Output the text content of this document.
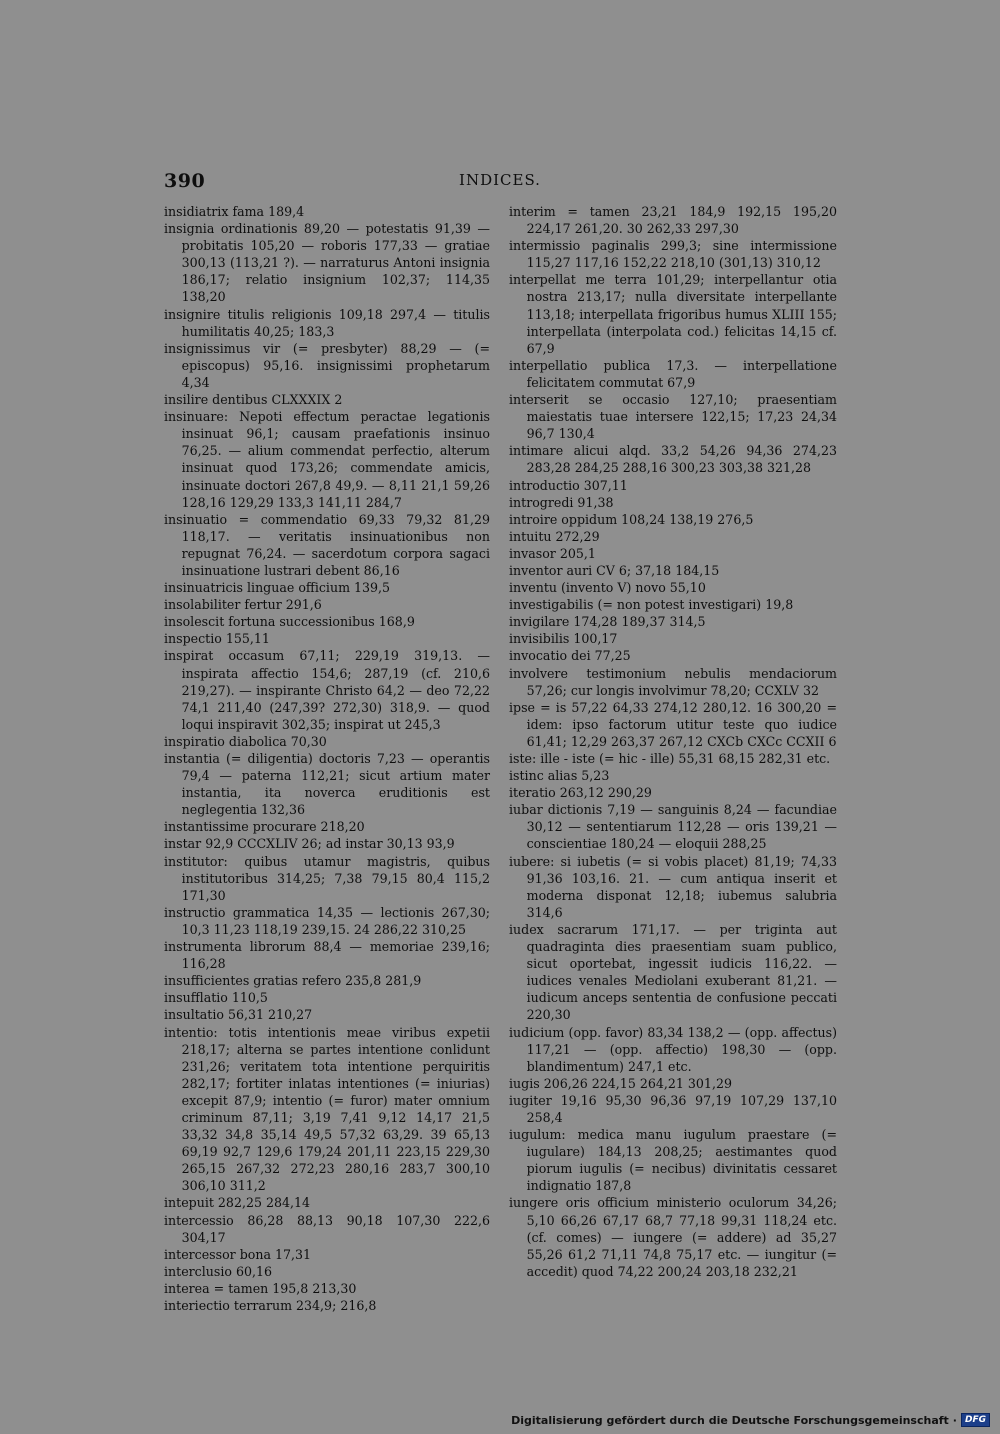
390	INDICES.

insidiatrix fama 189,4

insignia ordinationis 89,20 — potestatis 91,39 — probitatis 105,20 — roboris 177,33 — gratiae 300,13 (113,21 ?). — narraturus Antoni insignia 186,17; relatio insignium 102,37; 114,35 138,20

insignire titulis religionis 109,18 297,4 — titulis humilitatis 40,25; 183,3

insignissimus vir (= presbyter) 88,29 — (= episcopus) 95,16. insignissimi prophetarum 4,34

insilire dentibus CLXXXIX 2

insinuare: Nepoti effectum peractae legationis insinuat 96,1; causam praefationis insinuo 76,25. — alium commendat perfectio, alterum insinuat quod 173,26; commendate amicis, insinuate doctori 267,8 49,9. — 8,11 21,1 59,26 128,16 129,29 133,3 141,11 284,7

insinuatio = commendatio 69,33 79,32 81,29 118,17. — veritatis insinuationibus non repugnat 76,24. — sacerdotum corpora sagaci insinuatione lustrari debent 86,16

insinuatricis linguae officium 139,5

insolabiliter fertur 291,6

insolescit fortuna successionibus 168,9

inspectio 155,11

inspirat occasum 67,11; 229,19 319,13. — inspirata affectio 154,6; 287,19 (cf. 210,6 219,27). — inspirante Christo 64,2 — deo 72,22 74,1 211,40 (247,39? 272,30) 318,9. — quod loqui inspiravit 302,35; inspirat ut 245,3

inspiratio diabolica 70,30

instantia (= diligentia) doctoris 7,23 — operantis 79,4 — paterna 112,21; sicut artium mater instantia, ita noverca eruditionis est neglegentia 132,36

instantissime procurare 218,20

instar 92,9 CCCXLIV 26; ad instar 30,13 93,9

institutor: quibus utamur magistris, quibus institutoribus 314,25; 7,38 79,15 80,4 115,2 171,30

instructio grammatica 14,35 — lectionis 267,30; 10,3 11,23 118,19 239,15. 24 286,22 310,25

instrumenta librorum 88,4 — memoriae 239,16; 116,28

insufficientes gratias refero 235,8 281,9

insufflatio 110,5

insultatio 56,31 210,27

intentio: totis intentionis meae viribus expetii 218,17; alterna se partes intentione conlidunt 231,26; veritatem tota intentione perquiritis 282,17; fortiter inlatas intentiones (= iniurias) excepit 87,9; intentio (= furor) mater omnium criminum 87,11; 3,19 7,41 9,12 14,17 21,5 33,32 34,8 35,14 49,5 57,32 63,29. 39 65,13 69,19 92,7 129,6 179,24 201,11 223,15 229,30 265,15 267,32 272,23 280,16 283,7 300,10 306,10 311,2

intepuit 282,25 284,14

intercessio 86,28 88,13 90,18 107,30 222,6 304,17

intercessor bona 17,31

interclusio 60,16

interea = tamen 195,8 213,30

interiectio terrarum 234,9; 216,8

interim = tamen 23,21 184,9 192,15 195,20 224,17 261,20. 30 262,33 297,30

intermissio paginalis 299,3; sine intermissione 115,27 117,16 152,22 218,10 (301,13) 310,12

interpellat me terra 101,29; interpellantur otia nostra 213,17; nulla diversitate interpellante 113,18; interpellata frigoribus humus XLIII 155; interpellata (interpolata cod.) felicitas 14,15 cf. 67,9

interpellatio publica 17,3. — interpellatione felicitatem commutat 67,9

interserit se occasio 127,10; praesentiam maiestatis tuae intersere 122,15; 17,23 24,34 96,7 130,4

intimare alicui alqd. 33,2 54,26 94,36 274,23 283,28 284,25 288,16 300,23 303,38 321,28

introductio 307,11

introgredi 91,38

introire oppidum 108,24 138,19 276,5

intuitu 272,29

invasor 205,1

inventor auri CV 6; 37,18 184,15

inventu (invento V) novo 55,10

investigabilis (= non potest investigari) 19,8

invigilare 174,28 189,37 314,5

invisibilis 100,17

invocatio dei 77,25

involvere testimonium nebulis mendaciorum 57,26; cur longis involvimur 78,20; CCXLV 32

ipse = is 57,22 64,33 274,12 280,12. 16 300,20 = idem: ipso factorum utitur teste quo iudice 61,41; 12,29 263,37 267,12 CXCb CXCc CCXII 6

iste: ille - iste (= hic - ille) 55,31 68,15 282,31 etc.

istinc alias 5,23

iteratio 263,12 290,29

iubar dictionis 7,19 — sanguinis 8,24 — facundiae 30,12 — sententiarum 112,28 — oris 139,21 — conscientiae 180,24 — eloquii 288,25

iubere: si iubetis (= si vobis placet) 81,19; 74,33 91,36 103,16. 21. — cum antiqua inserit et moderna disponat 12,18; iubemus salubria 314,6

iudex sacrarum 171,17. — per triginta aut quadraginta dies praesentiam suam publico, sicut oportebat, ingessit iudicis 116,22. — iudices venales Mediolani exuberant 81,21. — iudicum anceps sententia de confusione peccati 220,30

iudicium (opp. favor) 83,34 138,2 — (opp. affectus) 117,21 — (opp. affectio) 198,30 — (opp. blandimentum) 247,1 etc.

iugis 206,26 224,15 264,21 301,29

iugiter 19,16 95,30 96,36 97,19 107,29 137,10 258,4

iugulum: medica manu iugulum praestare (= iugulare) 184,13 208,25; aestimantes quod piorum iugulis (= necibus) divinitatis cessaret indignatio 187,8

iungere oris officium ministerio oculorum 34,26; 5,10 66,26 67,17 68,7 77,18 99,31 118,24 etc. (cf. comes) — iungere (= addere) ad 35,27 55,26 61,2 71,11 74,8 75,17 etc. — iungitur (= accedit) quod 74,22 200,24 203,18 232,21

Digitalisierung gefördert durch die Deutsche Forschungsgemeinschaft · DFG
